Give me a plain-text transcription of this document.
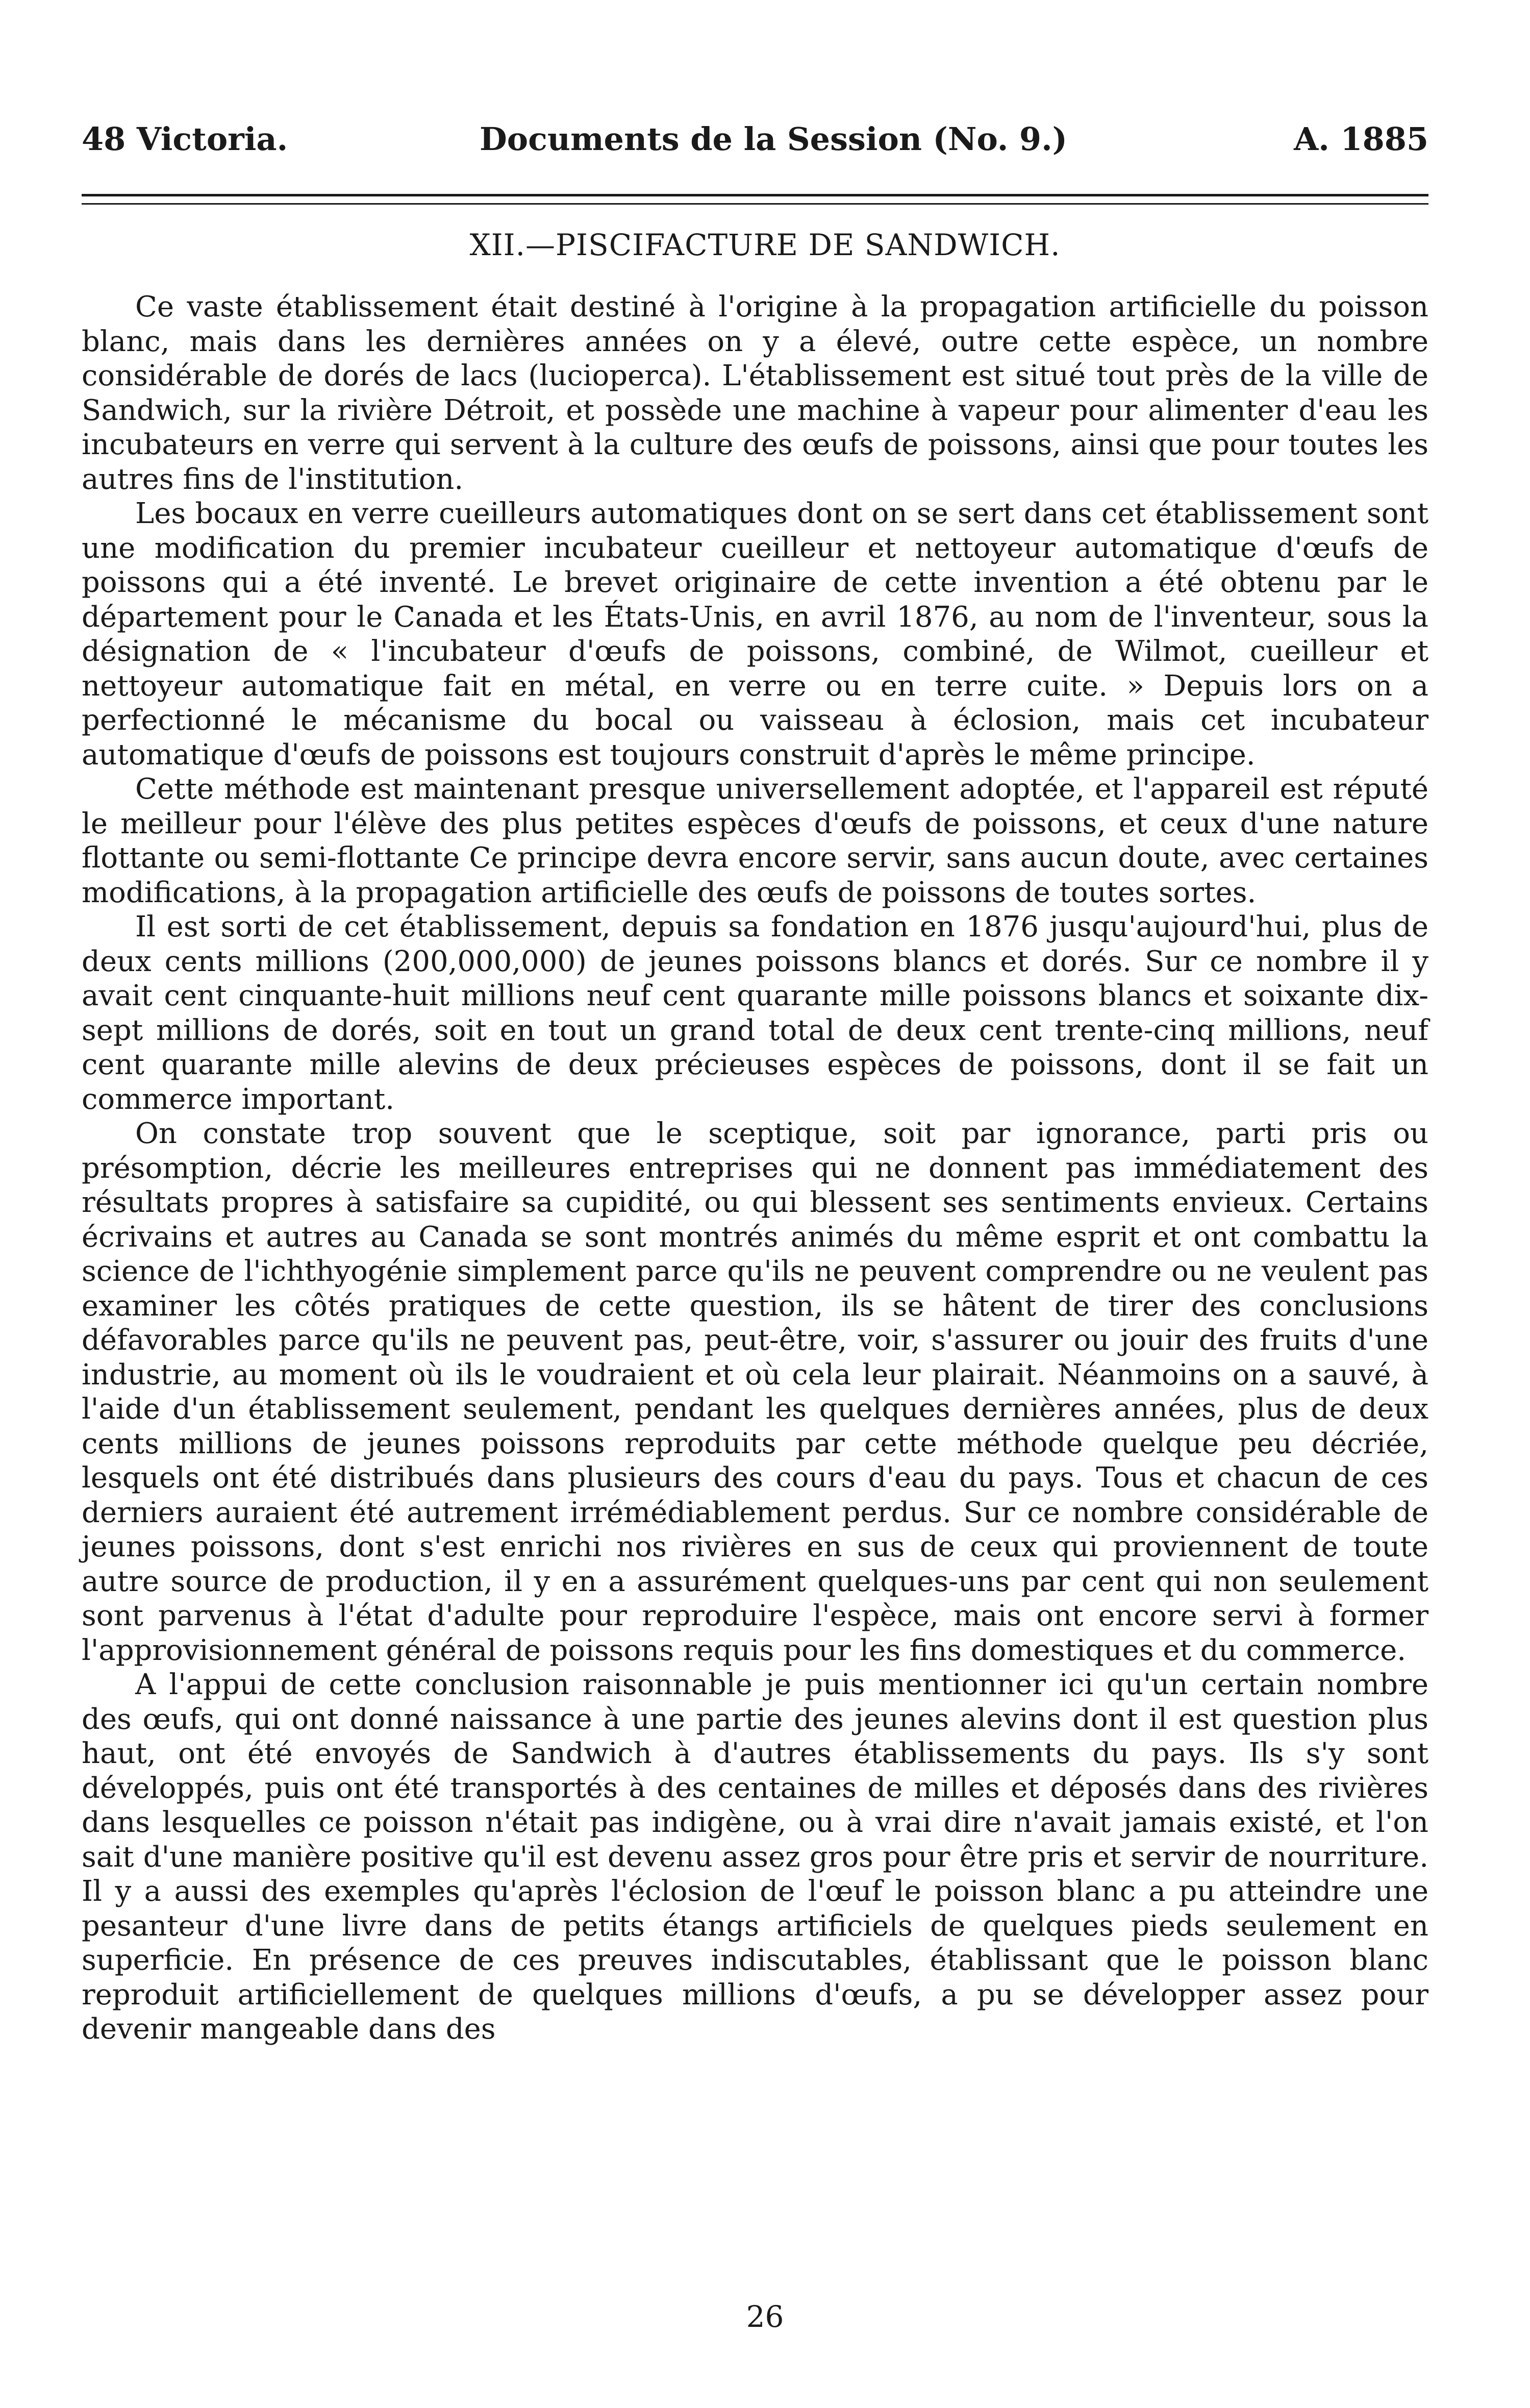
48 Victoria.	Documents de la Session (No. 9.)	A. 1885
XII.—PISCIFACTURE DE SANDWICH.

Ce vaste établissement était destiné à l'origine à la propagation artificielle du poisson blanc, mais dans les dernières années on y a élevé, outre cette espèce, un nombre considérable de dorés de lacs (lucioperca). L'établissement est situé tout près de la ville de Sandwich, sur la rivière Détroit, et possède une machine à vapeur pour alimenter d'eau les incubateurs en verre qui servent à la culture des œufs de poissons, ainsi que pour toutes les autres fins de l'institution.

Les bocaux en verre cueilleurs automatiques dont on se sert dans cet établissement sont une modification du premier incubateur cueilleur et nettoyeur automatique d'œufs de poissons qui a été inventé. Le brevet originaire de cette invention a été obtenu par le département pour le Canada et les États-Unis, en avril 1876, au nom de l'inventeur, sous la désignation de « l'incubateur d'œufs de poissons, combiné, de Wilmot, cueilleur et nettoyeur automatique fait en métal, en verre ou en terre cuite. » Depuis lors on a perfectionné le mécanisme du bocal ou vaisseau à éclosion, mais cet incubateur automatique d'œufs de poissons est toujours construit d'après le même principe.

Cette méthode est maintenant presque universellement adoptée, et l'appareil est réputé le meilleur pour l'élève des plus petites espèces d'œufs de poissons, et ceux d'une nature flottante ou semi-flottante Ce principe devra encore servir, sans aucun doute, avec certaines modifications, à la propagation artificielle des œufs de poissons de toutes sortes.

Il est sorti de cet établissement, depuis sa fondation en 1876 jusqu'aujourd'hui, plus de deux cents millions (200,000,000) de jeunes poissons blancs et dorés. Sur ce nombre il y avait cent cinquante-huit millions neuf cent quarante mille poissons blancs et soixante dix-sept millions de dorés, soit en tout un grand total de deux cent trente-cinq millions, neuf cent quarante mille alevins de deux précieuses espèces de poissons, dont il se fait un commerce important.

On constate trop souvent que le sceptique, soit par ignorance, parti pris ou présomption, décrie les meilleures entreprises qui ne donnent pas immédiatement des résultats propres à satisfaire sa cupidité, ou qui blessent ses sentiments envieux. Certains écrivains et autres au Canada se sont montrés animés du même esprit et ont combattu la science de l'ichthyogénie simplement parce qu'ils ne peuvent comprendre ou ne veulent pas examiner les côtés pratiques de cette question, ils se hâtent de tirer des conclusions défavorables parce qu'ils ne peuvent pas, peut-être, voir, s'assurer ou jouir des fruits d'une industrie, au moment où ils le voudraient et où cela leur plairait. Néanmoins on a sauvé, à l'aide d'un établissement seulement, pendant les quelques dernières années, plus de deux cents millions de jeunes poissons reproduits par cette méthode quelque peu décriée, lesquels ont été distribués dans plusieurs des cours d'eau du pays. Tous et chacun de ces derniers auraient été autrement irrémédiablement perdus. Sur ce nombre considérable de jeunes poissons, dont s'est enrichi nos rivières en sus de ceux qui proviennent de toute autre source de production, il y en a assurément quelques-uns par cent qui non seulement sont parvenus à l'état d'adulte pour reproduire l'espèce, mais ont encore servi à former l'approvisionnement général de poissons requis pour les fins domestiques et du commerce.

A l'appui de cette conclusion raisonnable je puis mentionner ici qu'un certain nombre des œufs, qui ont donné naissance à une partie des jeunes alevins dont il est question plus haut, ont été envoyés de Sandwich à d'autres établissements du pays. Ils s'y sont développés, puis ont été transportés à des centaines de milles et déposés dans des rivières dans lesquelles ce poisson n'était pas indigène, ou à vrai dire n'avait jamais existé, et l'on sait d'une manière positive qu'il est devenu assez gros pour être pris et servir de nourriture. Il y a aussi des exemples qu'après l'éclosion de l'œuf le poisson blanc a pu atteindre une pesanteur d'une livre dans de petits étangs artificiels de quelques pieds seulement en superficie. En présence de ces preuves indiscutables, établissant que le poisson blanc reproduit artificiellement de quelques millions d'œufs, a pu se développer assez pour devenir mangeable dans des

26
